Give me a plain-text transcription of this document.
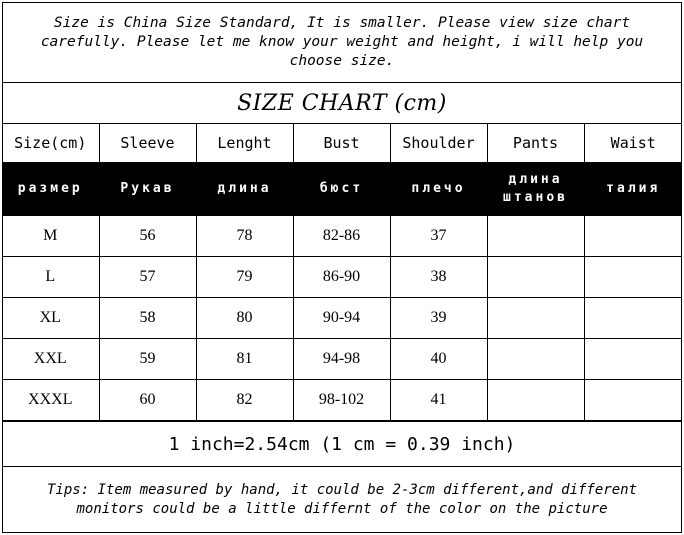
Size is China Size Standard, It is smaller. Please view size chart carefully. Please let me know your weight and height, i will help you choose size.
SIZE CHART (cm)
Size(cm)	Sleeve	Lenght	Bust	Shoulder	Pants	Waist
размер	Рукав	длина	бюст	плечо	длина штанов	талия
M	56	78	82-86	37		
L	57	79	86-90	38		
XL	58	80	90-94	39		
XXL	59	81	94-98	40		
XXXL	60	82	98-102	41		
1 inch=2.54cm (1 cm = 0.39 inch)
Tips: Item measured by hand, it could be 2-3cm different,and different monitors could be a little differnt of the color on the picture
